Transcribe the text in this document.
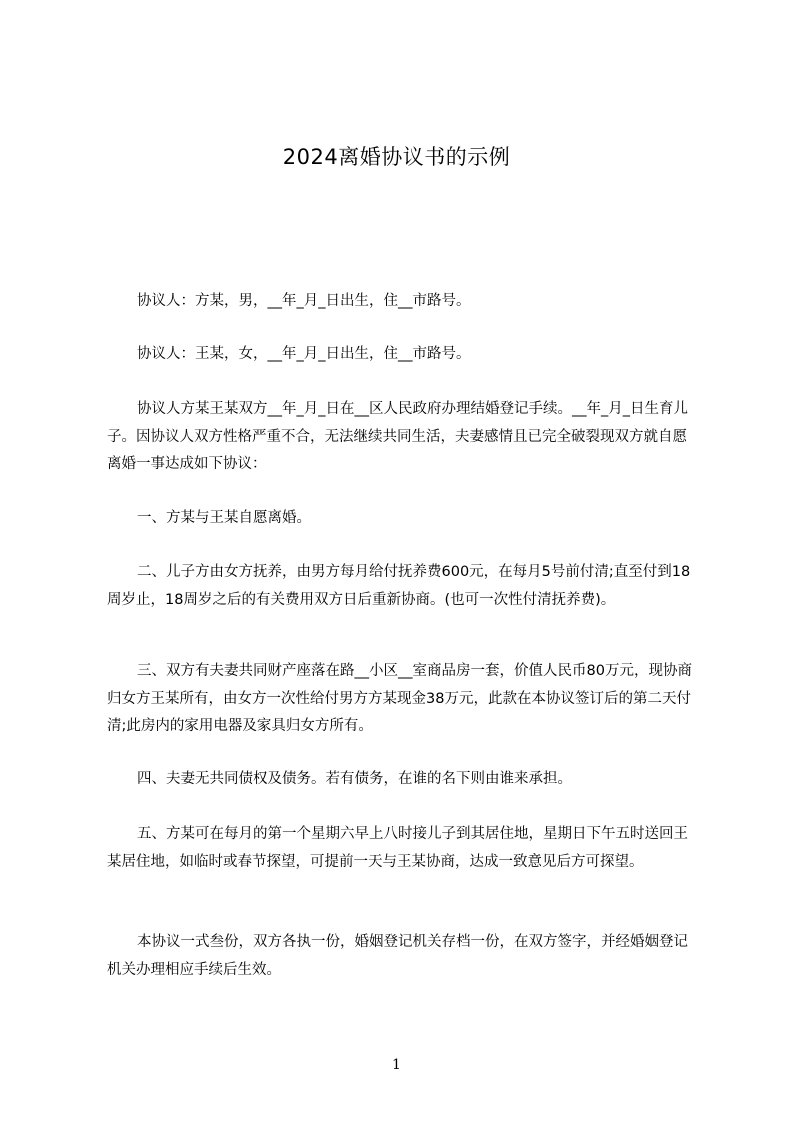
2024离婚协议书的示例
协议人：方某，男，__年_月_日出生，住__市路号。
协议人：王某，女，__年_月_日出生，住__市路号。
协议人方某王某双方__年_月_日在__区人民政府办理结婚登记手续。__年_月_日生育儿子。因协议人双方性格严重不合，无法继续共同生活，夫妻感情且已完全破裂现双方就自愿离婚一事达成如下协议：
一、方某与王某自愿离婚。
二、儿子方由女方抚养，由男方每月给付抚养费600元，在每月5号前付清;直至付到18周岁止，18周岁之后的有关费用双方日后重新协商。(也可一次性付清抚养费)。
三、双方有夫妻共同财产座落在路__小区__室商品房一套，价值人民币80万元，现协商归女方王某所有，由女方一次性给付男方方某现金38万元，此款在本协议签订后的第二天付清;此房内的家用电器及家具归女方所有。
四、夫妻无共同债权及债务。若有债务，在谁的名下则由谁来承担。
五、方某可在每月的第一个星期六早上八时接儿子到其居住地，星期日下午五时送回王某居住地，如临时或春节探望，可提前一天与王某协商，达成一致意见后方可探望。
本协议一式叁份，双方各执一份，婚姻登记机关存档一份，在双方签字，并经婚姻登记机关办理相应手续后生效。
1
